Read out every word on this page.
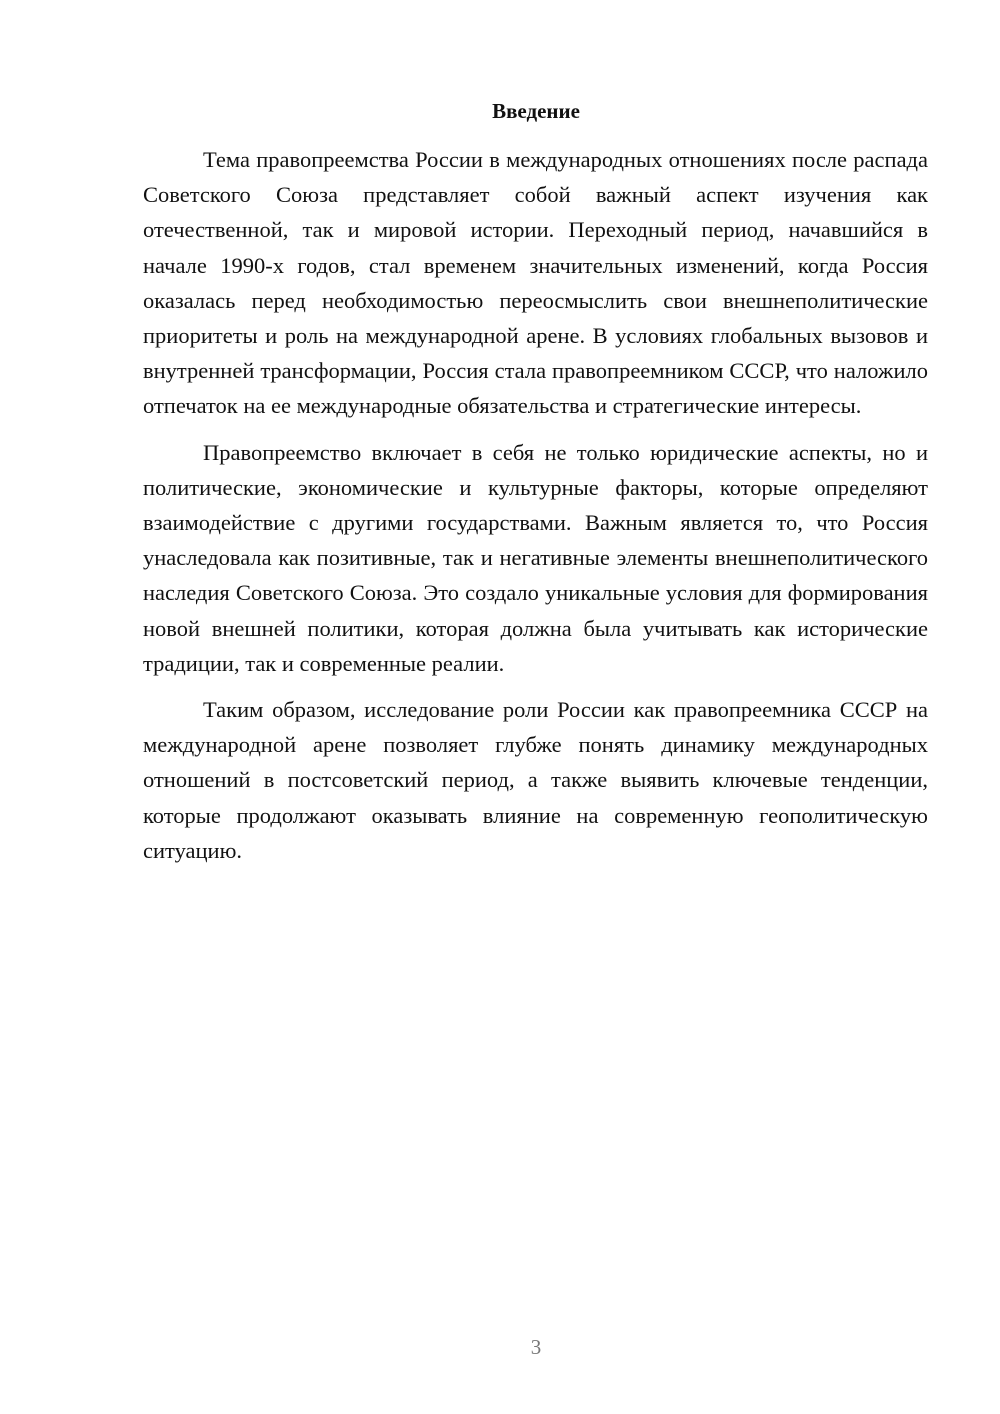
Введение

Тема правопреемства России в международных отношениях после распада Советского Союза представляет собой важный аспект изучения как отечественной, так и мировой истории. Переходный период, начавшийся в начале 1990-х годов, стал временем значительных изменений, когда Россия оказалась перед необходимостью переосмыслить свои внешнеполитические приоритеты и роль на международной арене. В условиях глобальных вызовов и внутренней трансформации, Россия стала правопреемником СССР, что наложило отпечаток на ее международные обязательства и стратегические интересы.

Правопреемство включает в себя не только юридические аспекты, но и политические, экономические и культурные факторы, которые определяют взаимодействие с другими государствами. Важным является то, что Россия унаследовала как позитивные, так и негативные элементы внешнеполитического наследия Советского Союза. Это создало уникальные условия для формирования новой внешней политики, которая должна была учитывать как исторические традиции, так и современные реалии.

Таким образом, исследование роли России как правопреемника СССР на международной арене позволяет глубже понять динамику международных отношений в постсоветский период, а также выявить ключевые тенденции, которые продолжают оказывать влияние на современную геополитическую ситуацию.

3
